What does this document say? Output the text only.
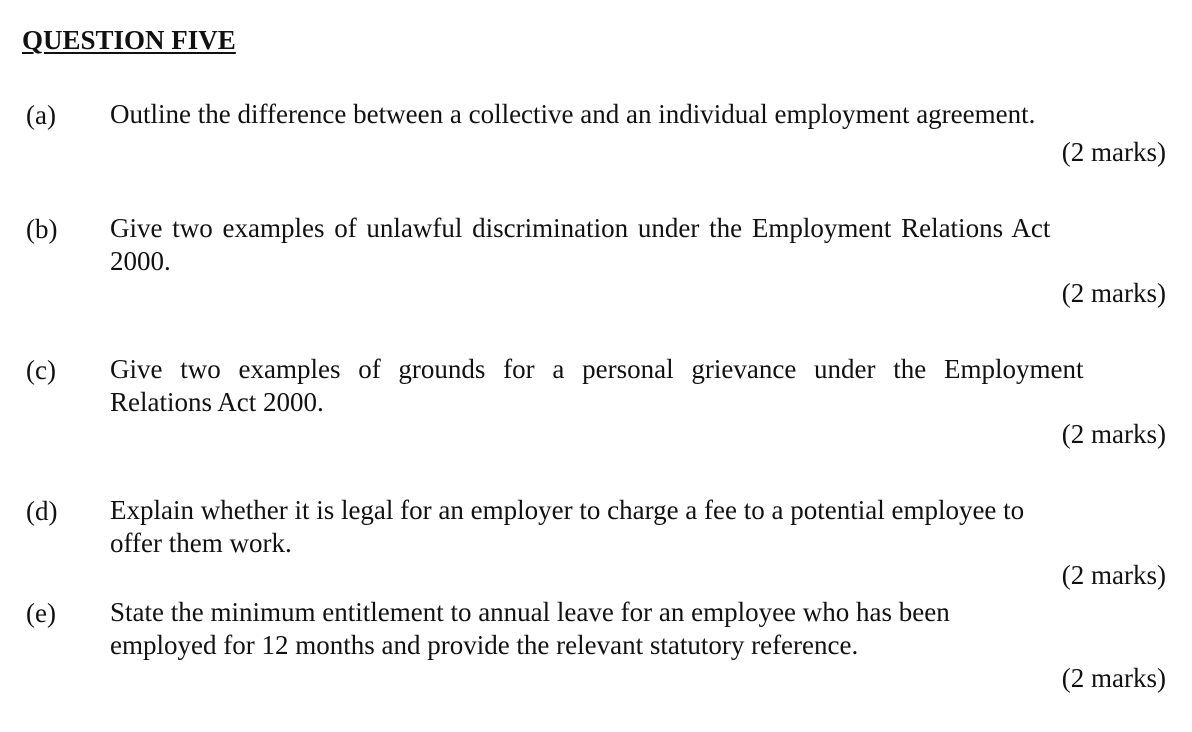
QUESTION FIVE
(a) Outline the difference between a collective and an individual employment agreement.
(2 marks)
(b) Give two examples of unlawful discrimination under the Employment Relations Act
2000.
(2 marks)
(c) Give two examples of grounds for a personal grievance under the Employment
Relations Act 2000.
(2 marks)
(d) Explain whether it is legal for an employer to charge a fee to a potential employee to
offer them work.
(2 marks)
(e) State the minimum entitlement to annual leave for an employee who has been
employed for 12 months and provide the relevant statutory reference.
(2 marks)
